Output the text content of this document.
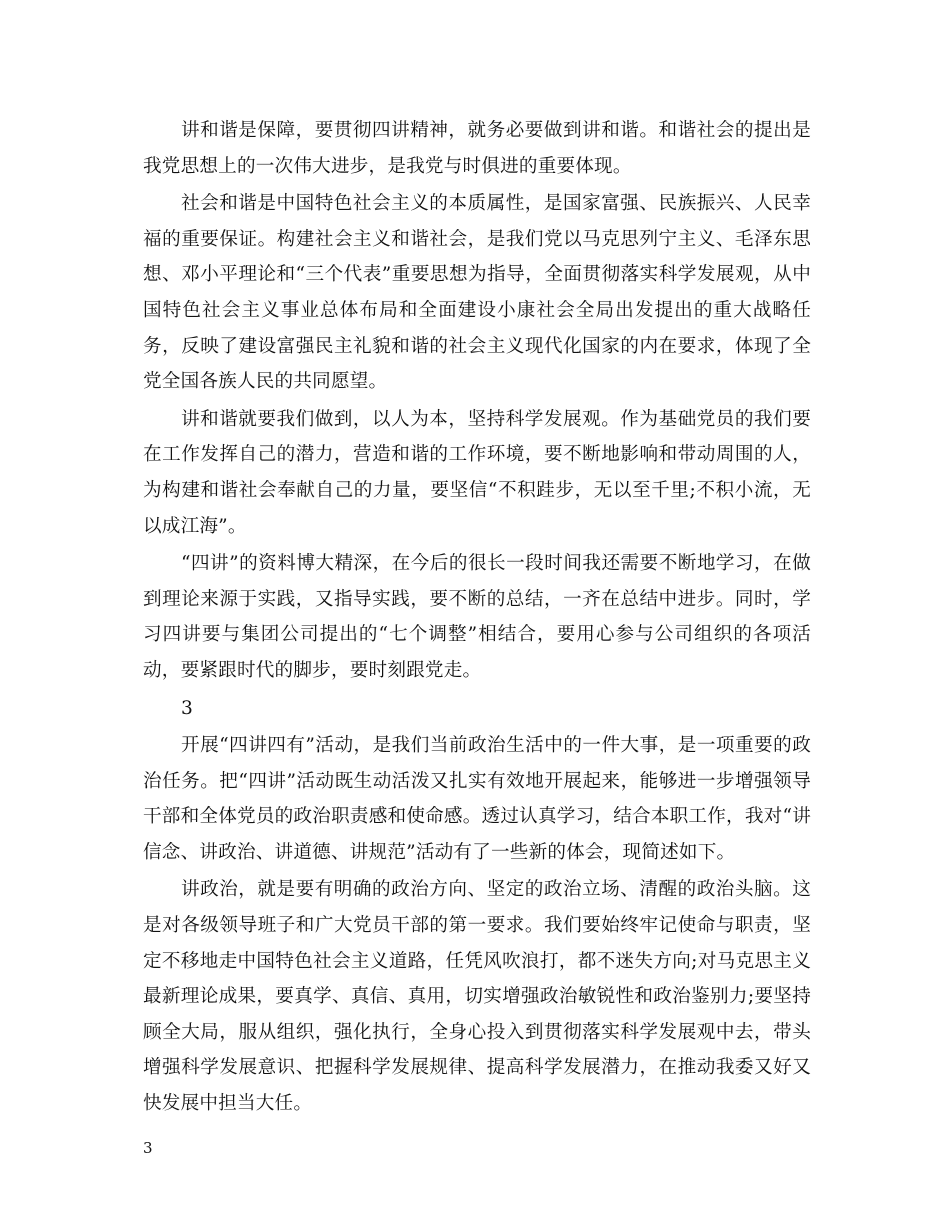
讲和谐是保障，要贯彻四讲精神，就务必要做到讲和谐。和谐社会的提出是我党思想上的一次伟大进步，是我党与时俱进的重要体现。

社会和谐是中国特色社会主义的本质属性，是国家富强、民族振兴、人民幸福的重要保证。构建社会主义和谐社会，是我们党以马克思列宁主义、毛泽东思想、邓小平理论和“三个代表”重要思想为指导，全面贯彻落实科学发展观，从中国特色社会主义事业总体布局和全面建设小康社会全局出发提出的重大战略任务，反映了建设富强民主礼貌和谐的社会主义现代化国家的内在要求，体现了全党全国各族人民的共同愿望。

讲和谐就要我们做到，以人为本，坚持科学发展观。作为基础党员的我们要在工作发挥自己的潜力，营造和谐的工作环境，要不断地影响和带动周围的人，为构建和谐社会奉献自己的力量，要坚信“不积跬步，无以至千里;不积小流，无以成江海”。

“四讲”的资料博大精深，在今后的很长一段时间我还需要不断地学习，在做到理论来源于实践，又指导实践，要不断的总结，一齐在总结中进步。同时，学习四讲要与集团公司提出的“七个调整”相结合，要用心参与公司组织的各项活动，要紧跟时代的脚步，要时刻跟党走。

3

开展“四讲四有”活动，是我们当前政治生活中的一件大事，是一项重要的政治任务。把“四讲”活动既生动活泼又扎实有效地开展起来，能够进一步增强领导干部和全体党员的政治职责感和使命感。透过认真学习，结合本职工作，我对“讲信念、讲政治、讲道德、讲规范”活动有了一些新的体会，现简述如下。

讲政治，就是要有明确的政治方向、坚定的政治立场、清醒的政治头脑。这是对各级领导班子和广大党员干部的第一要求。我们要始终牢记使命与职责，坚定不移地走中国特色社会主义道路，任凭风吹浪打，都不迷失方向;对马克思主义最新理论成果，要真学、真信、真用，切实增强政治敏锐性和政治鉴别力;要坚持顾全大局，服从组织，强化执行，全身心投入到贯彻落实科学发展观中去，带头增强科学发展意识、把握科学发展规律、提高科学发展潜力，在推动我委又好又快发展中担当大任。

3
